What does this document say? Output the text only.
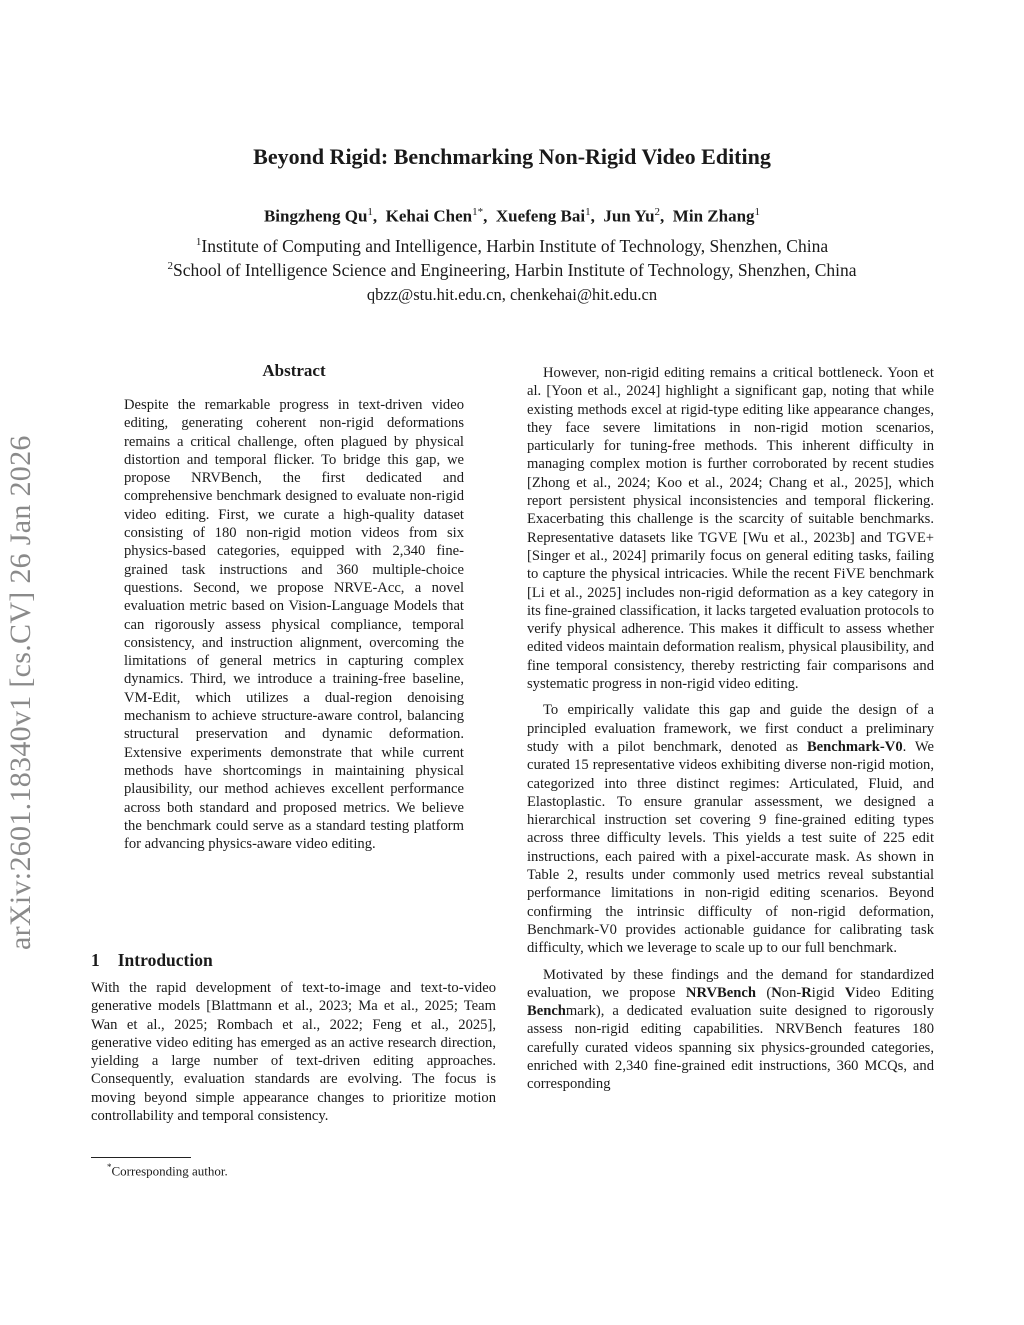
Beyond Rigid: Benchmarking Non-Rigid Video Editing
Bingzheng Qu$^1$,  Kehai Chen$^{1*}$,  Xuefeng Bai$^1$,  Jun Yu$^2$,  Min Zhang$^1$
$^1$Institute of Computing and Intelligence, Harbin Institute of Technology, Shenzhen, China
$^2$School of Intelligence Science and Engineering, Harbin Institute of Technology, Shenzhen, China
qbzz@stu.hit.edu.cn, chenkehai@hit.edu.cn
arXiv:2601.18340v1 [cs.CV] 26 Jan 2026
Abstract

Despite the remarkable progress in text-driven video editing, generating coherent non-rigid deformations remains a critical challenge, often plagued by physical distortion and temporal flicker. To bridge this gap, we propose NRVBench, the first dedicated and comprehensive benchmark designed to evaluate non-rigid video editing. First, we curate a high-quality dataset consisting of 180 non-rigid motion videos from six physics-based categories, equipped with 2,340 fine-grained task instructions and 360 multiple-choice questions. Second, we propose NRVE-Acc, a novel evaluation metric based on Vision-Language Models that can rigorously assess physical compliance, temporal consistency, and instruction alignment, overcoming the limitations of general metrics in capturing complex dynamics. Third, we introduce a training-free baseline, VM-Edit, which utilizes a dual-region denoising mechanism to achieve structure-aware control, balancing structural preservation and dynamic deformation. Extensive experiments demonstrate that while current methods have shortcomings in maintaining physical plausibility, our method achieves excellent performance across both standard and proposed metrics. We believe the benchmark could serve as a standard testing platform for advancing physics-aware video editing.

1 Introduction

With the rapid development of text-to-image and text-to-video generative models [Blattmann et al., 2023; Ma et al., 2025; Team Wan et al., 2025; Rombach et al., 2022; Feng et al., 2025], generative video editing has emerged as an active research direction, yielding a large number of text-driven editing approaches. Consequently, evaluation standards are evolving. The focus is moving beyond simple appearance changes to prioritize motion controllability and temporal consistency.

*Corresponding author.

However, non-rigid editing remains a critical bottleneck. Yoon et al. [Yoon et al., 2024] highlight a significant gap, noting that while existing methods excel at rigid-type editing like appearance changes, they face severe limitations in non-rigid motion scenarios, particularly for tuning-free methods. This inherent difficulty in managing complex motion is further corroborated by recent studies [Zhong et al., 2024; Koo et al., 2024; Chang et al., 2025], which report persistent physical inconsistencies and temporal flickering. Exacerbating this challenge is the scarcity of suitable benchmarks. Representative datasets like TGVE [Wu et al., 2023b] and TGVE+ [Singer et al., 2024] primarily focus on general editing tasks, failing to capture the physical intricacies. While the recent FiVE benchmark [Li et al., 2025] includes non-rigid deformation as a key category in its fine-grained classification, it lacks targeted evaluation protocols to verify physical adherence. This makes it difficult to assess whether edited videos maintain deformation realism, physical plausibility, and fine temporal consistency, thereby restricting fair comparisons and systematic progress in non-rigid video editing.

To empirically validate this gap and guide the design of a principled evaluation framework, we first conduct a preliminary study with a pilot benchmark, denoted as Benchmark-V0. We curated 15 representative videos exhibiting diverse non-rigid motion, categorized into three distinct regimes: Articulated, Fluid, and Elastoplastic. To ensure granular assessment, we designed a hierarchical instruction set covering 9 fine-grained editing types across three difficulty levels. This yields a test suite of 225 edit instructions, each paired with a pixel-accurate mask. As shown in Table 2, results under commonly used metrics reveal substantial performance limitations in non-rigid editing scenarios. Beyond confirming the intrinsic difficulty of non-rigid deformation, Benchmark-V0 provides actionable guidance for calibrating task difficulty, which we leverage to scale up to our full benchmark.

Motivated by these findings and the demand for standardized evaluation, we propose NRVBench (Non-Rigid Video Editing Benchmark), a dedicated evaluation suite designed to rigorously assess non-rigid editing capabilities. NRVBench features 180 carefully curated videos spanning six physics-grounded categories, enriched with 2,340 fine-grained edit instructions, 360 MCQs, and corresponding
